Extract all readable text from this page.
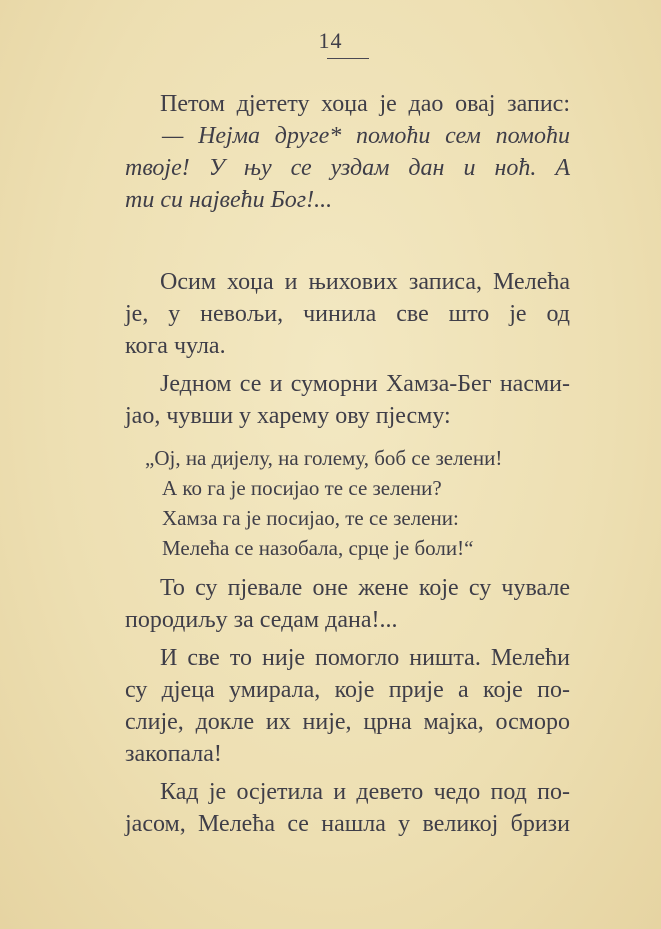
14
Петом дјетету хоџа је дао овај запис:
— Нејма друге* помоћи сем помоћи
твоје! У њу се уздам дан и ноћ. А
ти си највећи Бог!...
Осим хоџа и њихових записа, Мелећа
је, у невољи, чинила све што је од
кога чула.
Једном се и суморни Хамза-Бег насми-
јао, чувши у харему ову пјесму:
„Ој, на дијелу, на голему, боб се зелени!
А ко га је посијао те се зелени?
Хамза га је посијао, те се зелени:
Мелећа се назобала, срце је боли!“
То су пјевале оне жене које су чувале
породиљу за седам дана!...
И све то није помогло ништа. Мелећи
су дјеца умирала, које прије а које по-
слије, докле их није, црна мајка, осморо
закопала!
Кад је осјетила и девето чедо под по-
јасом, Мелећа се нашла у великој бризи
